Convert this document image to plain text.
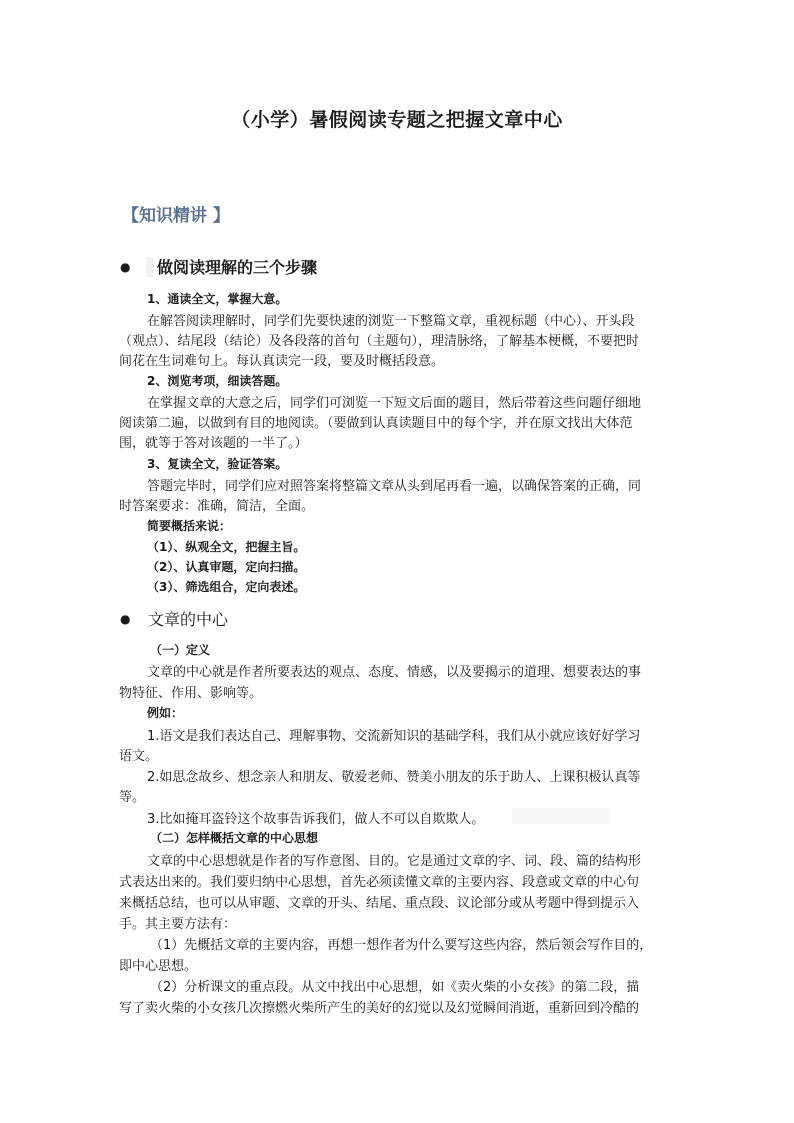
（小学）暑假阅读专题之把握文章中心
【知识精讲 】
● 做阅读理解的三个步骤
1、通读全文，掌握大意。
在解答阅读理解时，同学们先要快速的浏览一下整篇文章，重视标题（中心）、开头段
（观点）、结尾段（结论）及各段落的首句（主题句），理清脉络，了解基本梗概，不要把时
间花在生词难句上。每认真读完一段，要及时概括段意。
2、浏览考项，细读答题。
在掌握文章的大意之后，同学们可浏览一下短文后面的题目，然后带着这些问题仔细地
阅读第二遍，以做到有目的地阅读。（要做到认真读题目中的每个字，并在原文找出大体范
围，就等于答对该题的一半了。）
3、复读全文，验证答案。
答题完毕时，同学们应对照答案将整篇文章从头到尾再看一遍，以确保答案的正确，同
时答案要求：准确，简洁，全面。
简要概括来说：
（1）、纵观全文，把握主旨。
（2）、认真审题，定向扫描。
（3）、筛选组合，定向表述。
● 文章的中心
（一）定义
文章的中心就是作者所要表达的观点、态度、情感，以及要揭示的道理、想要表达的事
物特征、作用、影响等。
例如：
1.语文是我们表达自己、理解事物、交流新知识的基础学科，我们从小就应该好好学习
语文。
2.如思念故乡、想念亲人和朋友、敬爱老师、赞美小朋友的乐于助人、上课积极认真等
等。
3.比如掩耳盗铃这个故事告诉我们，做人不可以自欺欺人。
（二）怎样概括文章的中心思想
文章的中心思想就是作者的写作意图、目的。它是通过文章的字、词、段、篇的结构形
式表达出来的。我们要归纳中心思想，首先必须读懂文章的主要内容、段意或文章的中心句
来概括总结，也可以从审题、文章的开头、结尾、重点段、议论部分或从考题中得到提示入
手。其主要方法有：
（1）先概括文章的主要内容，再想一想作者为什么要写这些内容，然后领会写作目的，
即中心思想。
（2）分析课文的重点段。从文中找出中心思想，如《卖火柴的小女孩》的第二段，描
写了卖火柴的小女孩几次擦燃火柴所产生的美好的幻觉以及幻觉瞬间消逝，重新回到冷酷的
